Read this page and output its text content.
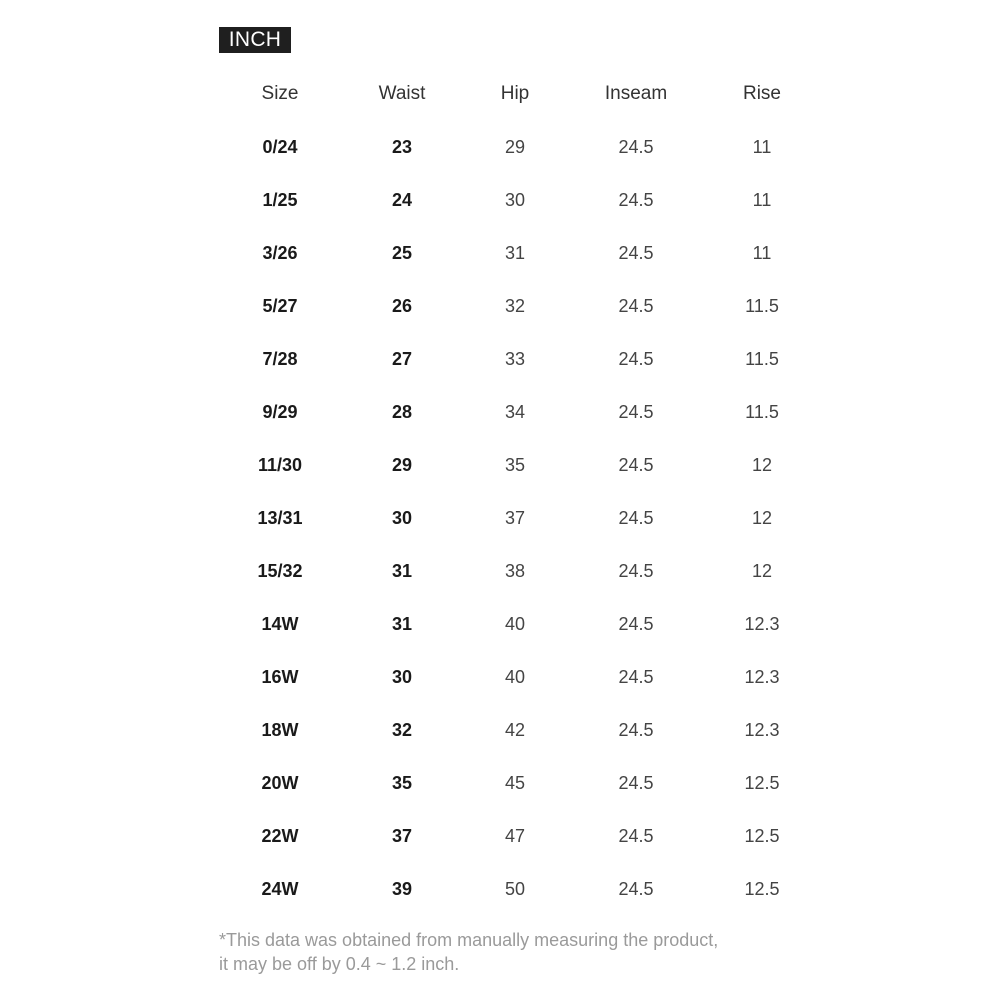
INCH
Size	Waist	Hip	Inseam	Rise
0/24	23	29	24.5	11
1/25	24	30	24.5	11
3/26	25	31	24.5	11
5/27	26	32	24.5	11.5
7/28	27	33	24.5	11.5
9/29	28	34	24.5	11.5
11/30	29	35	24.5	12
13/31	30	37	24.5	12
15/32	31	38	24.5	12
14W	31	40	24.5	12.3
16W	30	40	24.5	12.3
18W	32	42	24.5	12.3
20W	35	45	24.5	12.5
22W	37	47	24.5	12.5
24W	39	50	24.5	12.5
*This data was obtained from manually measuring the product,
it may be off by 0.4 ~ 1.2 inch.
